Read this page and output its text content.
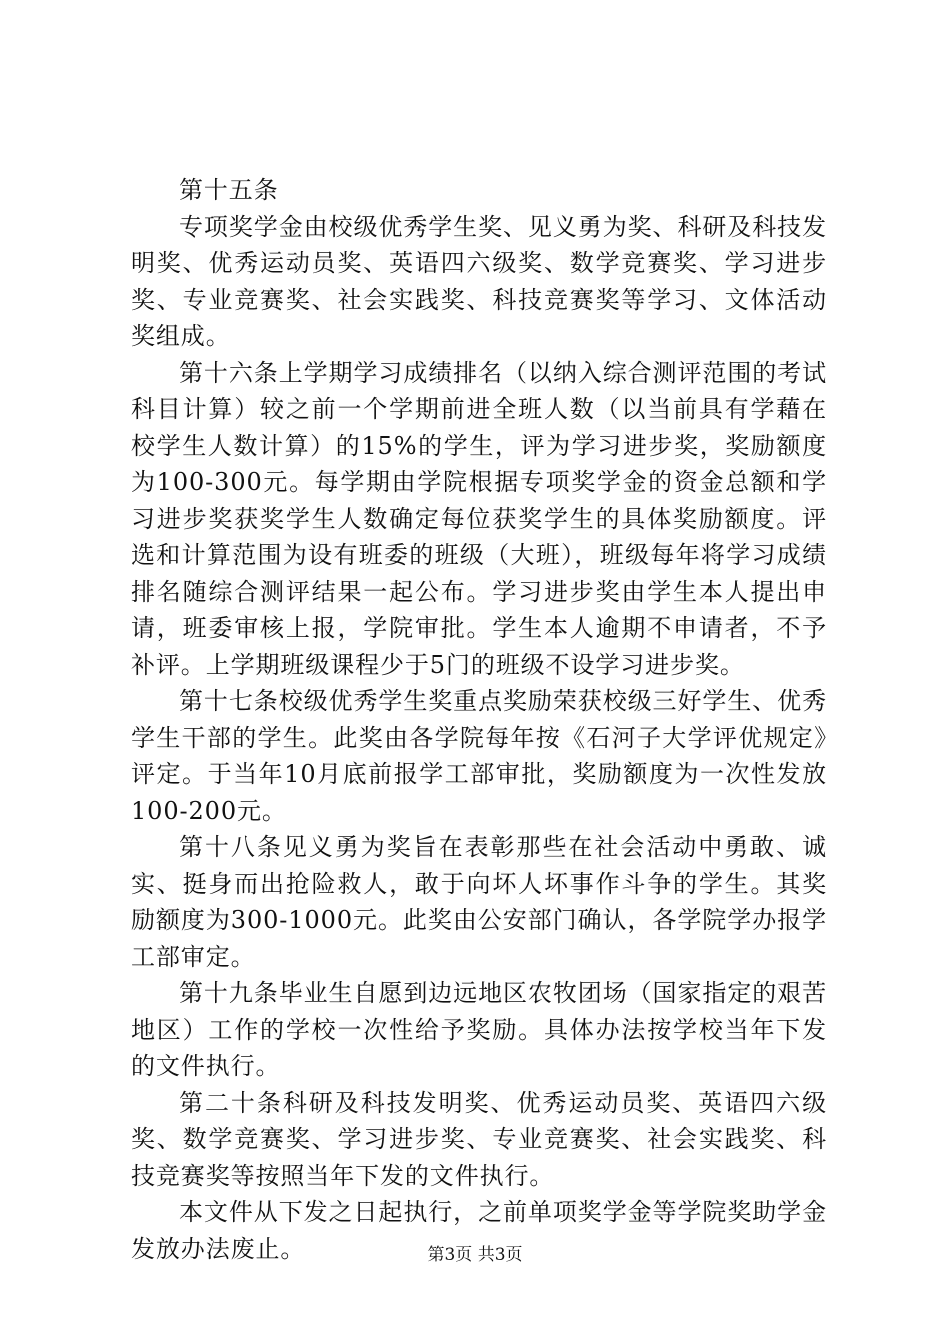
第十五条

专项奖学金由校级优秀学生奖、见义勇为奖、科研及科技发明奖、优秀运动员奖、英语四六级奖、数学竞赛奖、学习进步奖、专业竞赛奖、社会实践奖、科技竞赛奖等学习、文体活动奖组成。

第十六条上学期学习成绩排名（以纳入综合测评范围的考试科目计算）较之前一个学期前进全班人数（以当前具有学藉在校学生人数计算）的15%的学生，评为学习进步奖，奖励额度为100-300元。每学期由学院根据专项奖学金的资金总额和学习进步奖获奖学生人数确定每位获奖学生的具体奖励额度。评选和计算范围为设有班委的班级（大班），班级每年将学习成绩排名随综合测评结果一起公布。学习进步奖由学生本人提出申请，班委审核上报，学院审批。学生本人逾期不申请者，不予补评。上学期班级课程少于5门的班级不设学习进步奖。

第十七条校级优秀学生奖重点奖励荣获校级三好学生、优秀学生干部的学生。此奖由各学院每年按《石河子大学评优规定》评定。于当年10月底前报学工部审批，奖励额度为一次性发放100-200元。

第十八条见义勇为奖旨在表彰那些在社会活动中勇敢、诚实、挺身而出抢险救人，敢于向坏人坏事作斗争的学生。其奖励额度为300-1000元。此奖由公安部门确认，各学院学办报学工部审定。

第十九条毕业生自愿到边远地区农牧团场（国家指定的艰苦地区）工作的学校一次性给予奖励。具体办法按学校当年下发的文件执行。

第二十条科研及科技发明奖、优秀运动员奖、英语四六级奖、数学竞赛奖、学习进步奖、专业竞赛奖、社会实践奖、科技竞赛奖等按照当年下发的文件执行。

本文件从下发之日起执行，之前单项奖学金等学院奖助学金发放办法废止。	第3页 共3页
